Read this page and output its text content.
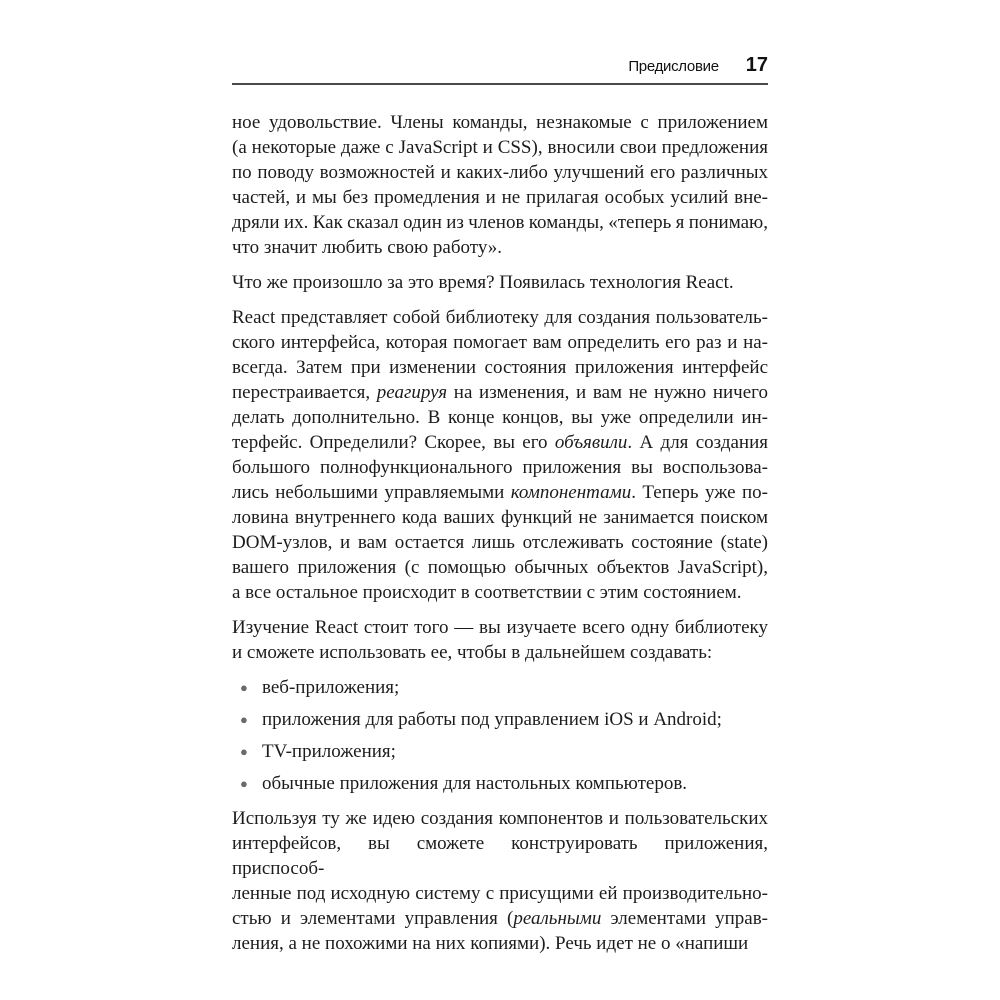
Предисловие 17
ное удовольствие. Члены команды, незнакомые с приложением
(а некоторые даже с JavaScript и CSS), вносили свои предложения
по поводу возможностей и каких-либо улучшений его различных
частей, и мы без промедления и не прилагая особых усилий вне-
дряли их. Как сказал один из членов команды, «теперь я понимаю,
что значит любить свою работу».
Что же произошло за это время? Появилась технология React.
React представляет собой библиотеку для создания пользователь-
ского интерфейса, которая помогает вам определить его раз и на-
всегда. Затем при изменении состояния приложения интерфейс
перестраивается, реагируя на изменения, и вам не нужно ничего
делать дополнительно. В конце концов, вы уже определили ин-
терфейс. Определили? Скорее, вы его объявили. А для создания
большого полнофункционального приложения вы воспользова-
лись небольшими управляемыми компонентами. Теперь уже по-
ловина внутреннего кода ваших функций не занимается поиском
DOM-узлов, и вам остается лишь отслеживать состояние (state)
вашего приложения (с помощью обычных объектов JavaScript),
а все остальное происходит в соответствии с этим состоянием.
Изучение React стоит того — вы изучаете всего одну библиотеку
и сможете использовать ее, чтобы в дальнейшем создавать:
● веб-приложения;
● приложения для работы под управлением iOS и Android;
● TV-приложения;
● обычные приложения для настольных компьютеров.
Используя ту же идею создания компонентов и пользовательских
интерфейсов, вы сможете конструировать приложения, приспособ-
ленные под исходную систему с присущими ей производительно-
стью и элементами управления (реальными элементами управ-
ления, а не похожими на них копиями). Речь идет не о «напиши
